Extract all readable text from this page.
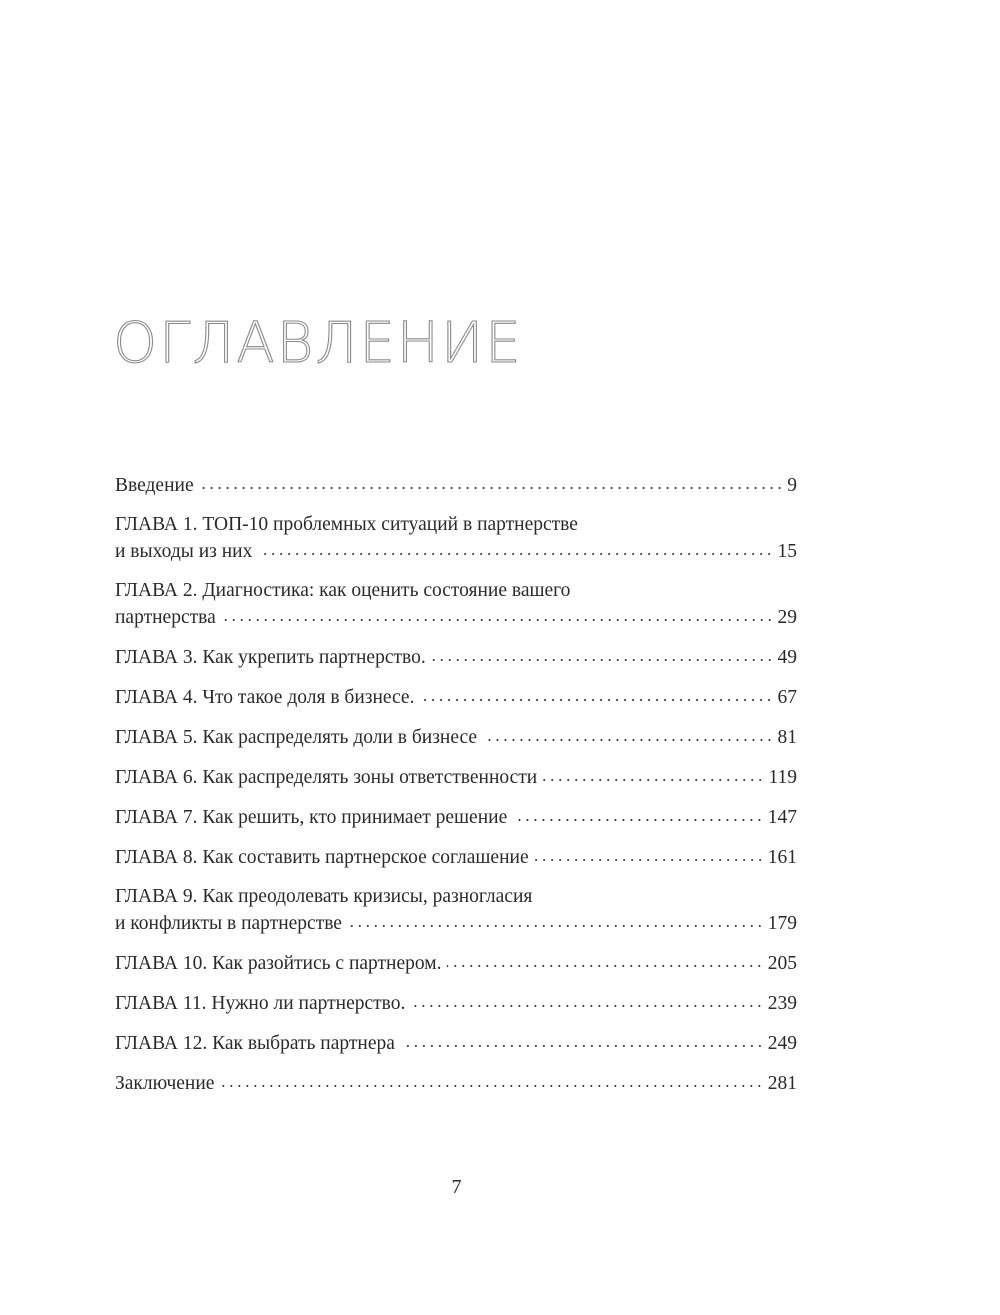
ОГЛАВЛЕНИЕ
Введение	9
ГЛАВА 1. ТОП-10 проблемных ситуаций в партнерстве
и выходы из них	15
ГЛАВА 2. Диагностика: как оценить состояние вашего
партнерства	29
ГЛАВА 3. Как укрепить партнерство.	49
ГЛАВА 4. Что такое доля в бизнесе.	67
ГЛАВА 5. Как распределять доли в бизнесе	81
ГЛАВА 6. Как распределять зоны ответственности	119
ГЛАВА 7. Как решить, кто принимает решение	147
ГЛАВА 8. Как составить партнерское соглашение	161
ГЛАВА 9. Как преодолевать кризисы, разногласия
и конфликты в партнерстве	179
ГЛАВА 10. Как разойтись с партнером.	205
ГЛАВА 11. Нужно ли партнерство.	239
ГЛАВА 12. Как выбрать партнера	249
Заключение	281
7
